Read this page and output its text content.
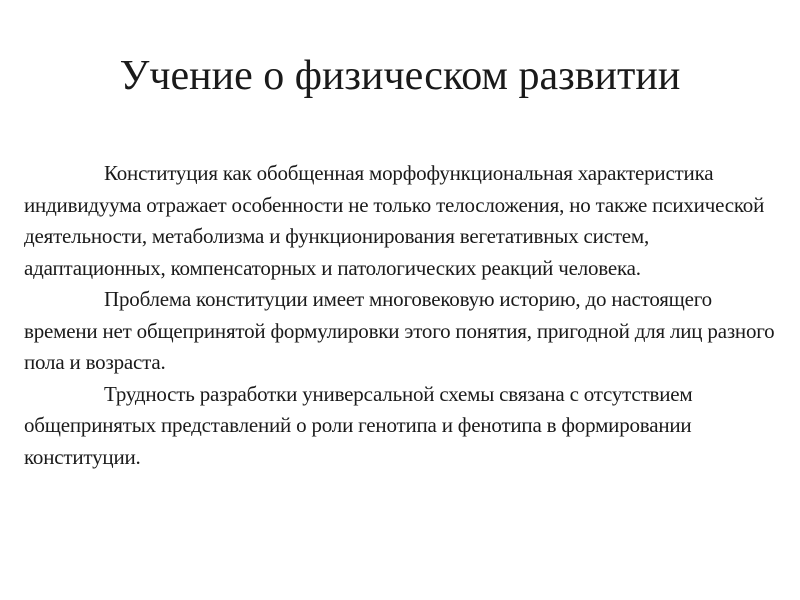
Учение о физическом развитии

Конституция как обобщенная морфофункциональная характеристика индивидуума отражает особенности не только телосложения, но также психической деятельности, метаболизма и функционирования вегетативных систем, адаптационных, компенсаторных и патологических реакций человека.

Проблема конституции имеет многовековую историю, до настоящего времени нет общепринятой формулировки этого понятия, пригодной для лиц разного пола и возраста.

Трудность разработки универсальной схемы связана с отсутствием общепринятых представлений о роли генотипа и фенотипа в формировании конституции.
